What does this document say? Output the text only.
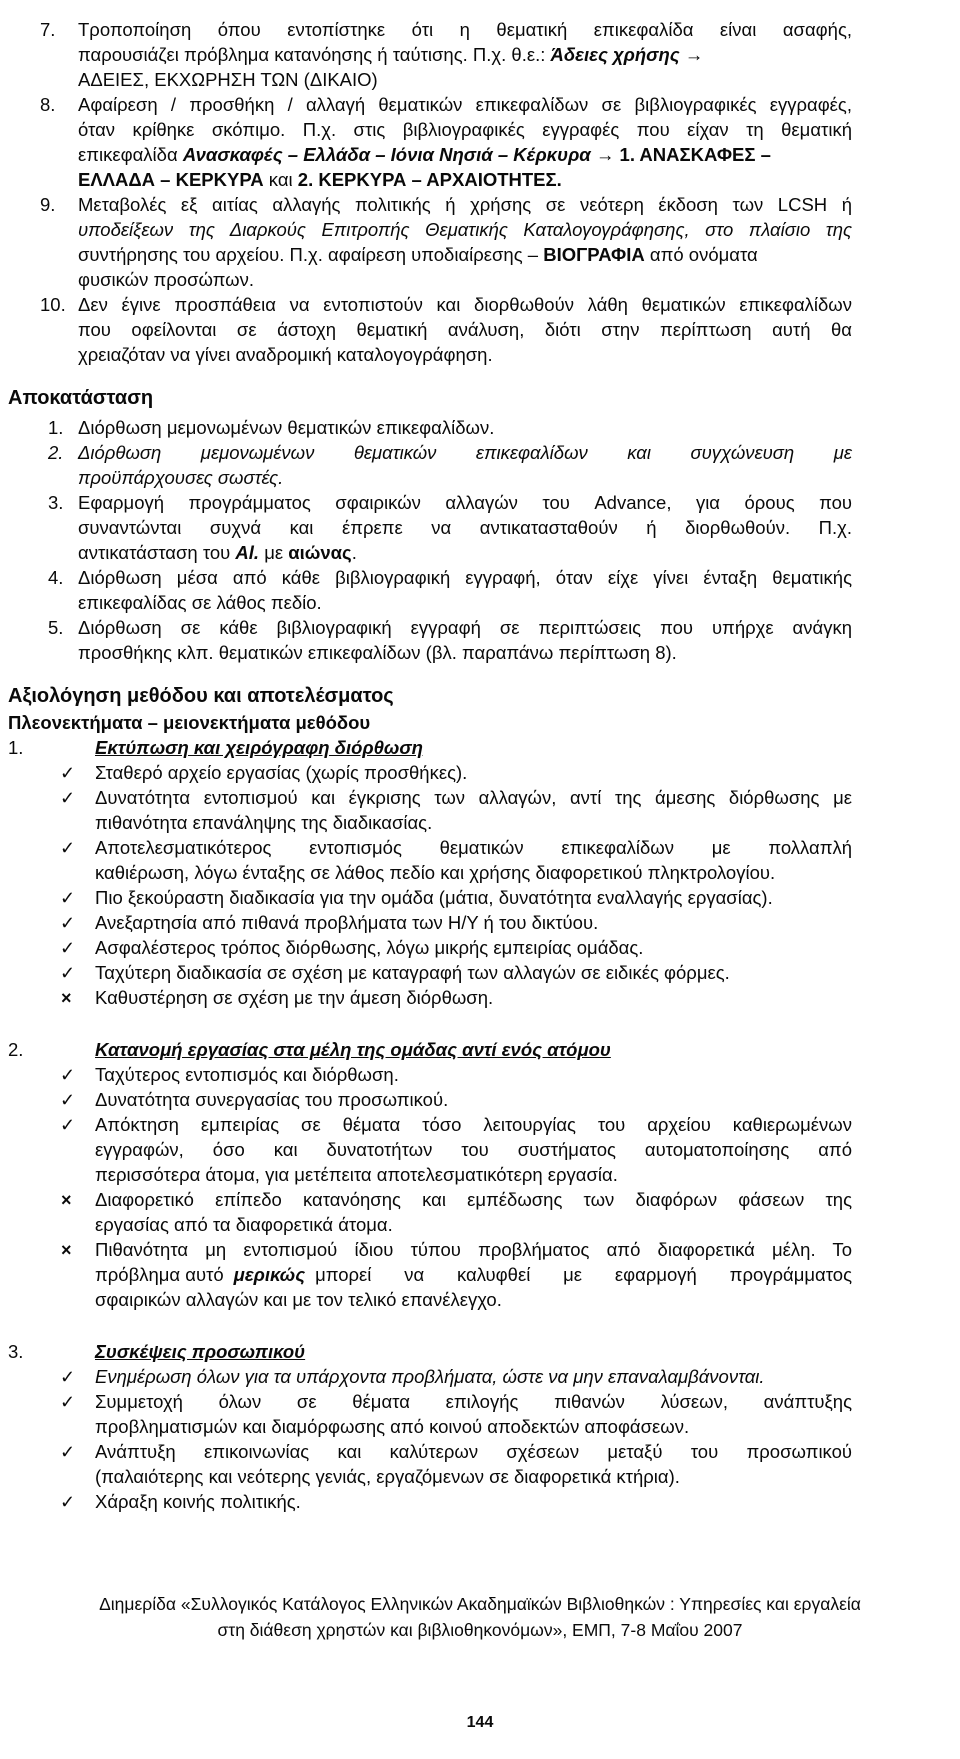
7. Τροποποίηση όπου εντοπίστηκε ότι η θεματική επικεφαλίδα είναι ασαφής,
παρουσιάζει πρόβλημα κατανόησης ή ταύτισης. Π.χ. θ.ε.: Άδειες χρήσης →
ΑΔΕΙΕΣ, ΕΚΧΩΡΗΣΗ ΤΩΝ (ΔΙΚΑΙΟ)
8. Αφαίρεση / προσθήκη / αλλαγή θεματικών επικεφαλίδων σε βιβλιογραφικές εγγραφές,
όταν κρίθηκε σκόπιμο. Π.χ. στις βιβλιογραφικές εγγραφές που είχαν τη θεματική
επικεφαλίδα Ανασκαφές – Ελλάδα – Ιόνια Νησιά – Κέρκυρα → 1. ΑΝΑΣΚΑΦΕΣ –
ΕΛΛΑΔΑ – ΚΕΡΚΥΡΑ και 2. ΚΕΡΚΥΡΑ – ΑΡΧΑΙΟΤΗΤΕΣ.
9. Μεταβολές εξ αιτίας αλλαγής πολιτικής ή χρήσης σε νεότερη έκδοση των LCSH ή
υποδείξεων της Διαρκούς Επιτροπής Θεματικής Καταλογογράφησης, στο πλαίσιο της
συντήρησης του αρχείου. Π.χ. αφαίρεση υποδιαίρεσης – ΒΙΟΓΡΑΦΙΑ από ονόματα
φυσικών προσώπων.
10. Δεν έγινε προσπάθεια να εντοπιστούν και διορθωθούν λάθη θεματικών επικεφαλίδων
που οφείλονται σε άστοχη θεματική ανάλυση, διότι στην περίπτωση αυτή θα
χρειαζόταν να γίνει αναδρομική καταλογογράφηση.
Αποκατάσταση
1. Διόρθωση μεμονωμένων θεματικών επικεφαλίδων.
2. Διόρθωση μεμονωμένων θεματικών επικεφαλίδων και συγχώνευση με
προϋπάρχουσες σωστές.
3. Εφαρμογή προγράμματος σφαιρικών αλλαγών του Advance, για όρους που
συναντώνται συχνά και έπρεπε να αντικατασταθούν ή διορθωθούν. Π.χ.
αντικατάσταση του Al. με αιώνας.
4. Διόρθωση μέσα από κάθε βιβλιογραφική εγγραφή, όταν είχε γίνει ένταξη θεματικής
επικεφαλίδας σε λάθος πεδίο.
5. Διόρθωση σε κάθε βιβλιογραφική εγγραφή σε περιπτώσεις που υπήρχε ανάγκη
προσθήκης κλπ. θεματικών επικεφαλίδων (βλ. παραπάνω περίπτωση 8).
Αξιολόγηση μεθόδου και αποτελέσματος
Πλεονεκτήματα – μειονεκτήματα μεθόδου
1.	Εκτύπωση και χειρόγραφη διόρθωση
✓ Σταθερό αρχείο εργασίας (χωρίς προσθήκες).
✓ Δυνατότητα εντοπισμού και έγκρισης των αλλαγών, αντί της άμεσης διόρθωσης με
πιθανότητα επανάληψης της διαδικασίας.
✓ Αποτελεσματικότερος εντοπισμός θεματικών επικεφαλίδων με πολλαπλή
καθιέρωση, λόγω ένταξης σε λάθος πεδίο και χρήσης διαφορετικού πληκτρολογίου.
✓ Πιο ξεκούραστη διαδικασία για την ομάδα (μάτια, δυνατότητα εναλλαγής εργασίας).
✓ Ανεξαρτησία από πιθανά προβλήματα των Η/Υ ή του δικτύου.
✓ Ασφαλέστερος τρόπος διόρθωσης, λόγω μικρής εμπειρίας ομάδας.
✓ Ταχύτερη διαδικασία σε σχέση με καταγραφή των αλλαγών σε ειδικές φόρμες.
× Καθυστέρηση σε σχέση με την άμεση διόρθωση.
2.	Κατανομή εργασίας στα μέλη της ομάδας αντί ενός ατόμου
✓ Ταχύτερος εντοπισμός και διόρθωση.
✓ Δυνατότητα συνεργασίας του προσωπικού.
✓ Απόκτηση εμπειρίας σε θέματα τόσο λειτουργίας του αρχείου καθιερωμένων
εγγραφών, όσο και δυνατοτήτων του συστήματος αυτοματοποίησης από
περισσότερα άτομα, για μετέπειτα αποτελεσματικότερη εργασία.
× Διαφορετικό επίπεδο κατανόησης και εμπέδωσης των διαφόρων φάσεων της
εργασίας από τα διαφορετικά άτομα.
× Πιθανότητα μη εντοπισμού ίδιου τύπου προβλήματος από διαφορετικά μέλη. Το
πρόβλημα αυτό μερικώς μπορεί να καλυφθεί με εφαρμογή προγράμματος
σφαιρικών αλλαγών και με τον τελικό επανέλεγχο.
3.	Συσκέψεις προσωπικού
✓ Ενημέρωση όλων για τα υπάρχοντα προβλήματα, ώστε να μην επαναλαμβάνονται.
✓ Συμμετοχή όλων σε θέματα επιλογής πιθανών λύσεων, ανάπτυξης
προβληματισμών και διαμόρφωσης από κοινού αποδεκτών αποφάσεων.
✓ Ανάπτυξη επικοινωνίας και καλύτερων σχέσεων μεταξύ του προσωπικού
(παλαιότερης και νεότερης γενιάς, εργαζόμενων σε διαφορετικά κτήρια).
✓ Χάραξη κοινής πολιτικής.
Διημερίδα «Συλλογικός Κατάλογος Ελληνικών Ακαδημαϊκών Βιβλιοθηκών : Υπηρεσίες και εργαλεία
στη διάθεση χρηστών και βιβλιοθηκονόμων», ΕΜΠ, 7-8 Μαΐου 2007
144
